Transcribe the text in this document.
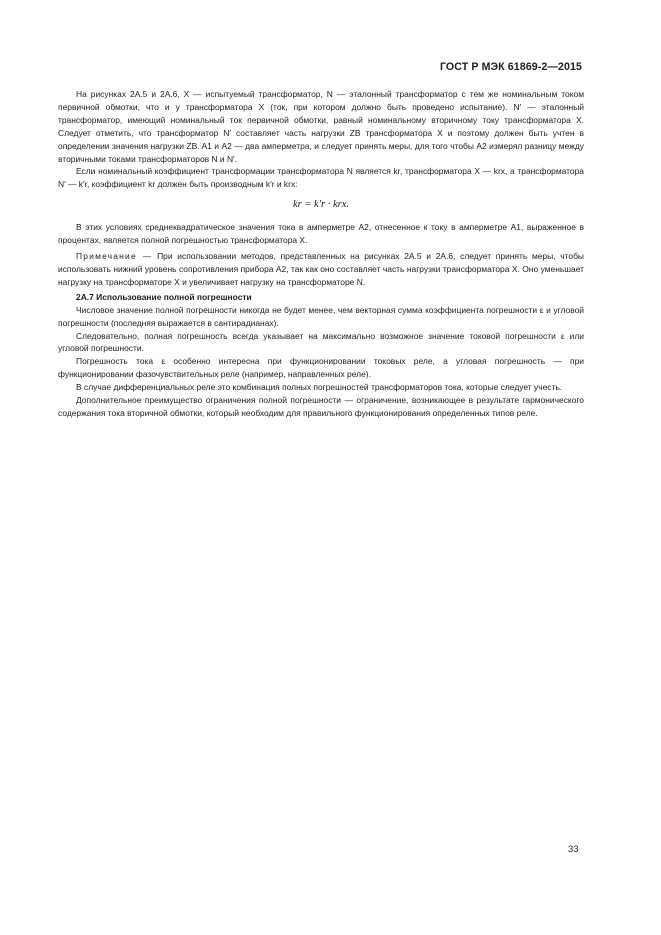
ГОСТ Р МЭК 61869-2—2015

На рисунках 2А.5 и 2А.6, X — испытуемый трансформатор, N — эталонный трансформатор с тем же номинальным током первичной обмотки, что и у трансформатора X (ток, при котором должно быть проведено испытание). N′ — эталонный трансформатор, имеющий номинальный ток первичной обмотки, равный номинальному вторичному току трансформатора X. Следует отметить, что трансформатор N′ составляет часть нагрузки ZB трансформатора X и поэтому должен быть учтен в определении значения нагрузки ZB. A1 и A2 — два амперметра, и следует принять меры, для того чтобы A2 измерял разницу между вторичными токами трансформаторов N и N′.

Если номинальный коэффициент трансформации трансформатора N является kr, трансформатора X — krx, а трансформатора N′ — k′r, коэффициент kr должен быть производным k′r и krx:

kr = k′r · krx.

В этих условиях среднеквадратическое значения тока в амперметре A2, отнесенное к току в амперметре A1, выраженное в процентах, является полной погрешностью трансформатора X.

Примечание — При использовании методов, представленных на рисунках 2А.5 и 2А.6, следует принять меры, чтобы использовать нижний уровень сопротивления прибора A2, так как оно составляет часть нагрузки трансформатора X. Оно уменьшает нагрузку на трансформаторе X и увеличивает нагрузку на трансформаторе N.

2А.7 Использование полной погрешности

Числовое значение полной погрешности никогда не будет менее, чем векторная сумма коэффициента погрешности ε и угловой погрешности (последняя выражается в сантирадианах).

Следовательно, полная погрешность всегда указывает на максимально возможное значение токовой погрешности ε или угловой погрешности.

Погрешность тока ε особенно интересна при функционировании токовых реле, а угловая погрешность — при функционировании фазочувствительных реле (например, направленных реле).

В случае дифференциальных реле это комбинация полных погрешностей трансформаторов тока, которые следует учесть.

Дополнительное преимущество ограничения полной погрешности — ограничение, возникающее в результате гармонического содержания тока вторичной обмотки, который необходим для правильного функционирования определенных типов реле.

33
